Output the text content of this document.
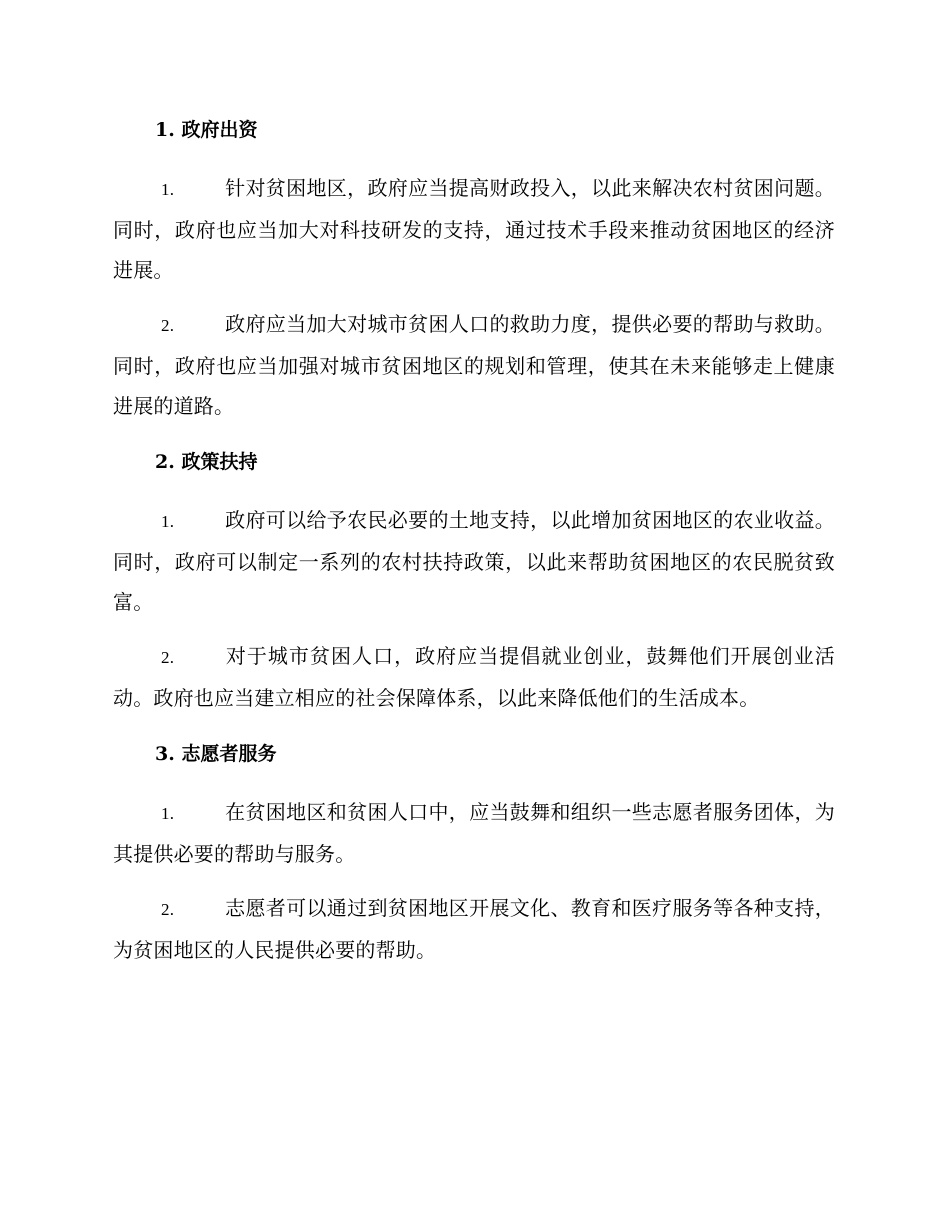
1. 政府出资

1.	针对贫困地区，政府应当提高财政投入，以此来解决农村贫困问题。同时，政府也应当加大对科技研发的支持，通过技术手段来推动贫困地区的经济进展。

2.	政府应当加大对城市贫困人口的救助力度，提供必要的帮助与救助。同时，政府也应当加强对城市贫困地区的规划和管理，使其在未来能够走上健康进展的道路。

2. 政策扶持

1.	政府可以给予农民必要的土地支持，以此增加贫困地区的农业收益。同时，政府可以制定一系列的农村扶持政策，以此来帮助贫困地区的农民脱贫致富。

2.	对于城市贫困人口，政府应当提倡就业创业，鼓舞他们开展创业活动。政府也应当建立相应的社会保障体系，以此来降低他们的生活成本。

3. 志愿者服务

1.	在贫困地区和贫困人口中，应当鼓舞和组织一些志愿者服务团体，为其提供必要的帮助与服务。

2.	志愿者可以通过到贫困地区开展文化、教育和医疗服务等各种支持，为贫困地区的人民提供必要的帮助。
